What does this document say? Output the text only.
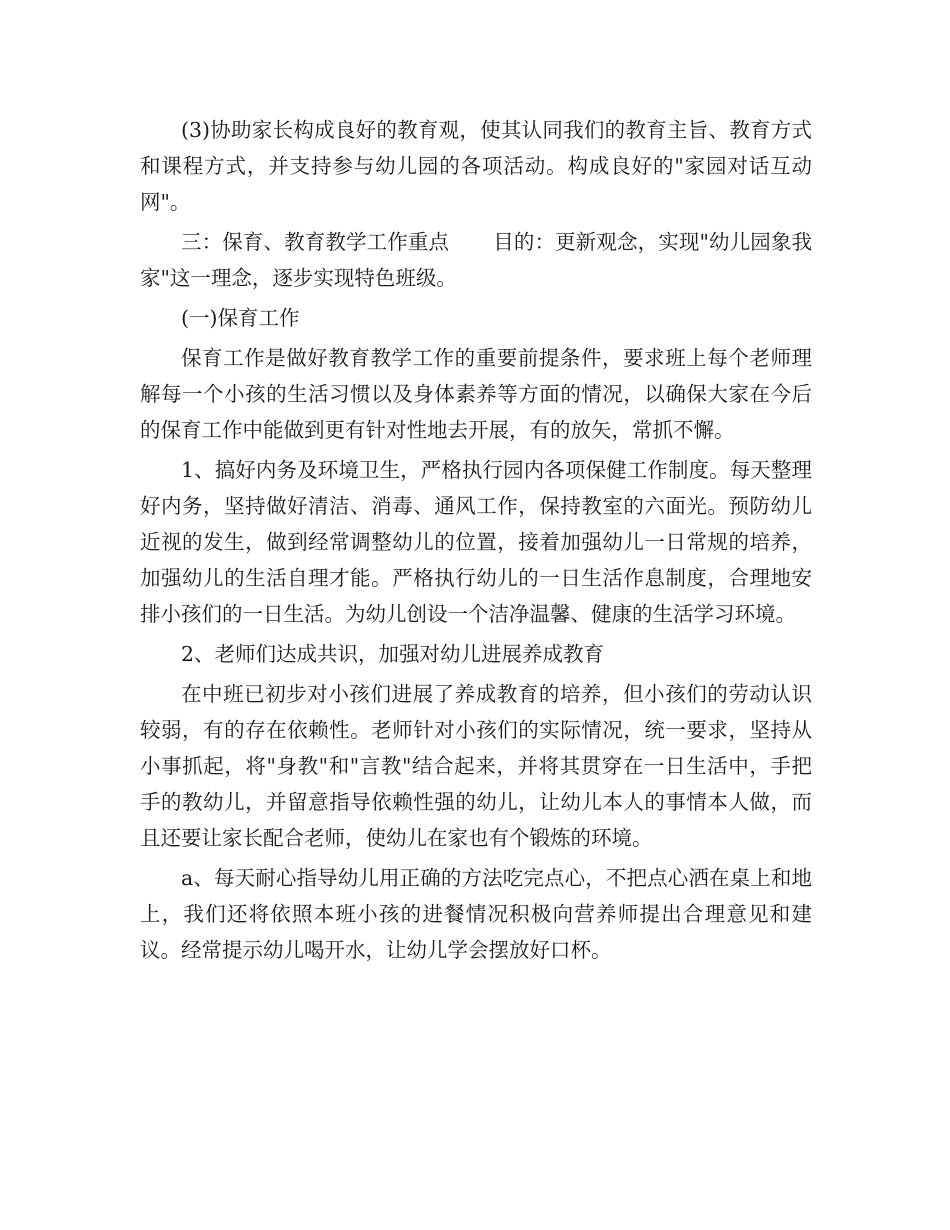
(3)协助家长构成良好的教育观，使其认同我们的教育主旨、教育方式和课程方式，并支持参与幼儿园的各项活动。构成良好的"家园对话互动网"。

三：保育、教育教学工作重点 目的：更新观念，实现"幼儿园象我家"这一理念，逐步实现特色班级。

(一)保育工作

保育工作是做好教育教学工作的重要前提条件，要求班上每个老师理解每一个小孩的生活习惯以及身体素养等方面的情况，以确保大家在今后的保育工作中能做到更有针对性地去开展，有的放矢，常抓不懈。

1、搞好内务及环境卫生，严格执行园内各项保健工作制度。每天整理好内务，坚持做好清洁、消毒、通风工作，保持教室的六面光。预防幼儿近视的发生，做到经常调整幼儿的位置，接着加强幼儿一日常规的培养，加强幼儿的生活自理才能。严格执行幼儿的一日生活作息制度，合理地安排小孩们的一日生活。为幼儿创设一个洁净温馨、健康的生活学习环境。

2、老师们达成共识，加强对幼儿进展养成教育

在中班已初步对小孩们进展了养成教育的培养，但小孩们的劳动认识较弱，有的存在依赖性。老师针对小孩们的实际情况，统一要求，坚持从小事抓起，将"身教"和"言教"结合起来，并将其贯穿在一日生活中，手把手的教幼儿，并留意指导依赖性强的幼儿，让幼儿本人的事情本人做，而且还要让家长配合老师，使幼儿在家也有个锻炼的环境。

a、每天耐心指导幼儿用正确的方法吃完点心，不把点心洒在桌上和地上，我们还将依照本班小孩的进餐情况积极向营养师提出合理意见和建议。经常提示幼儿喝开水，让幼儿学会摆放好口杯。
